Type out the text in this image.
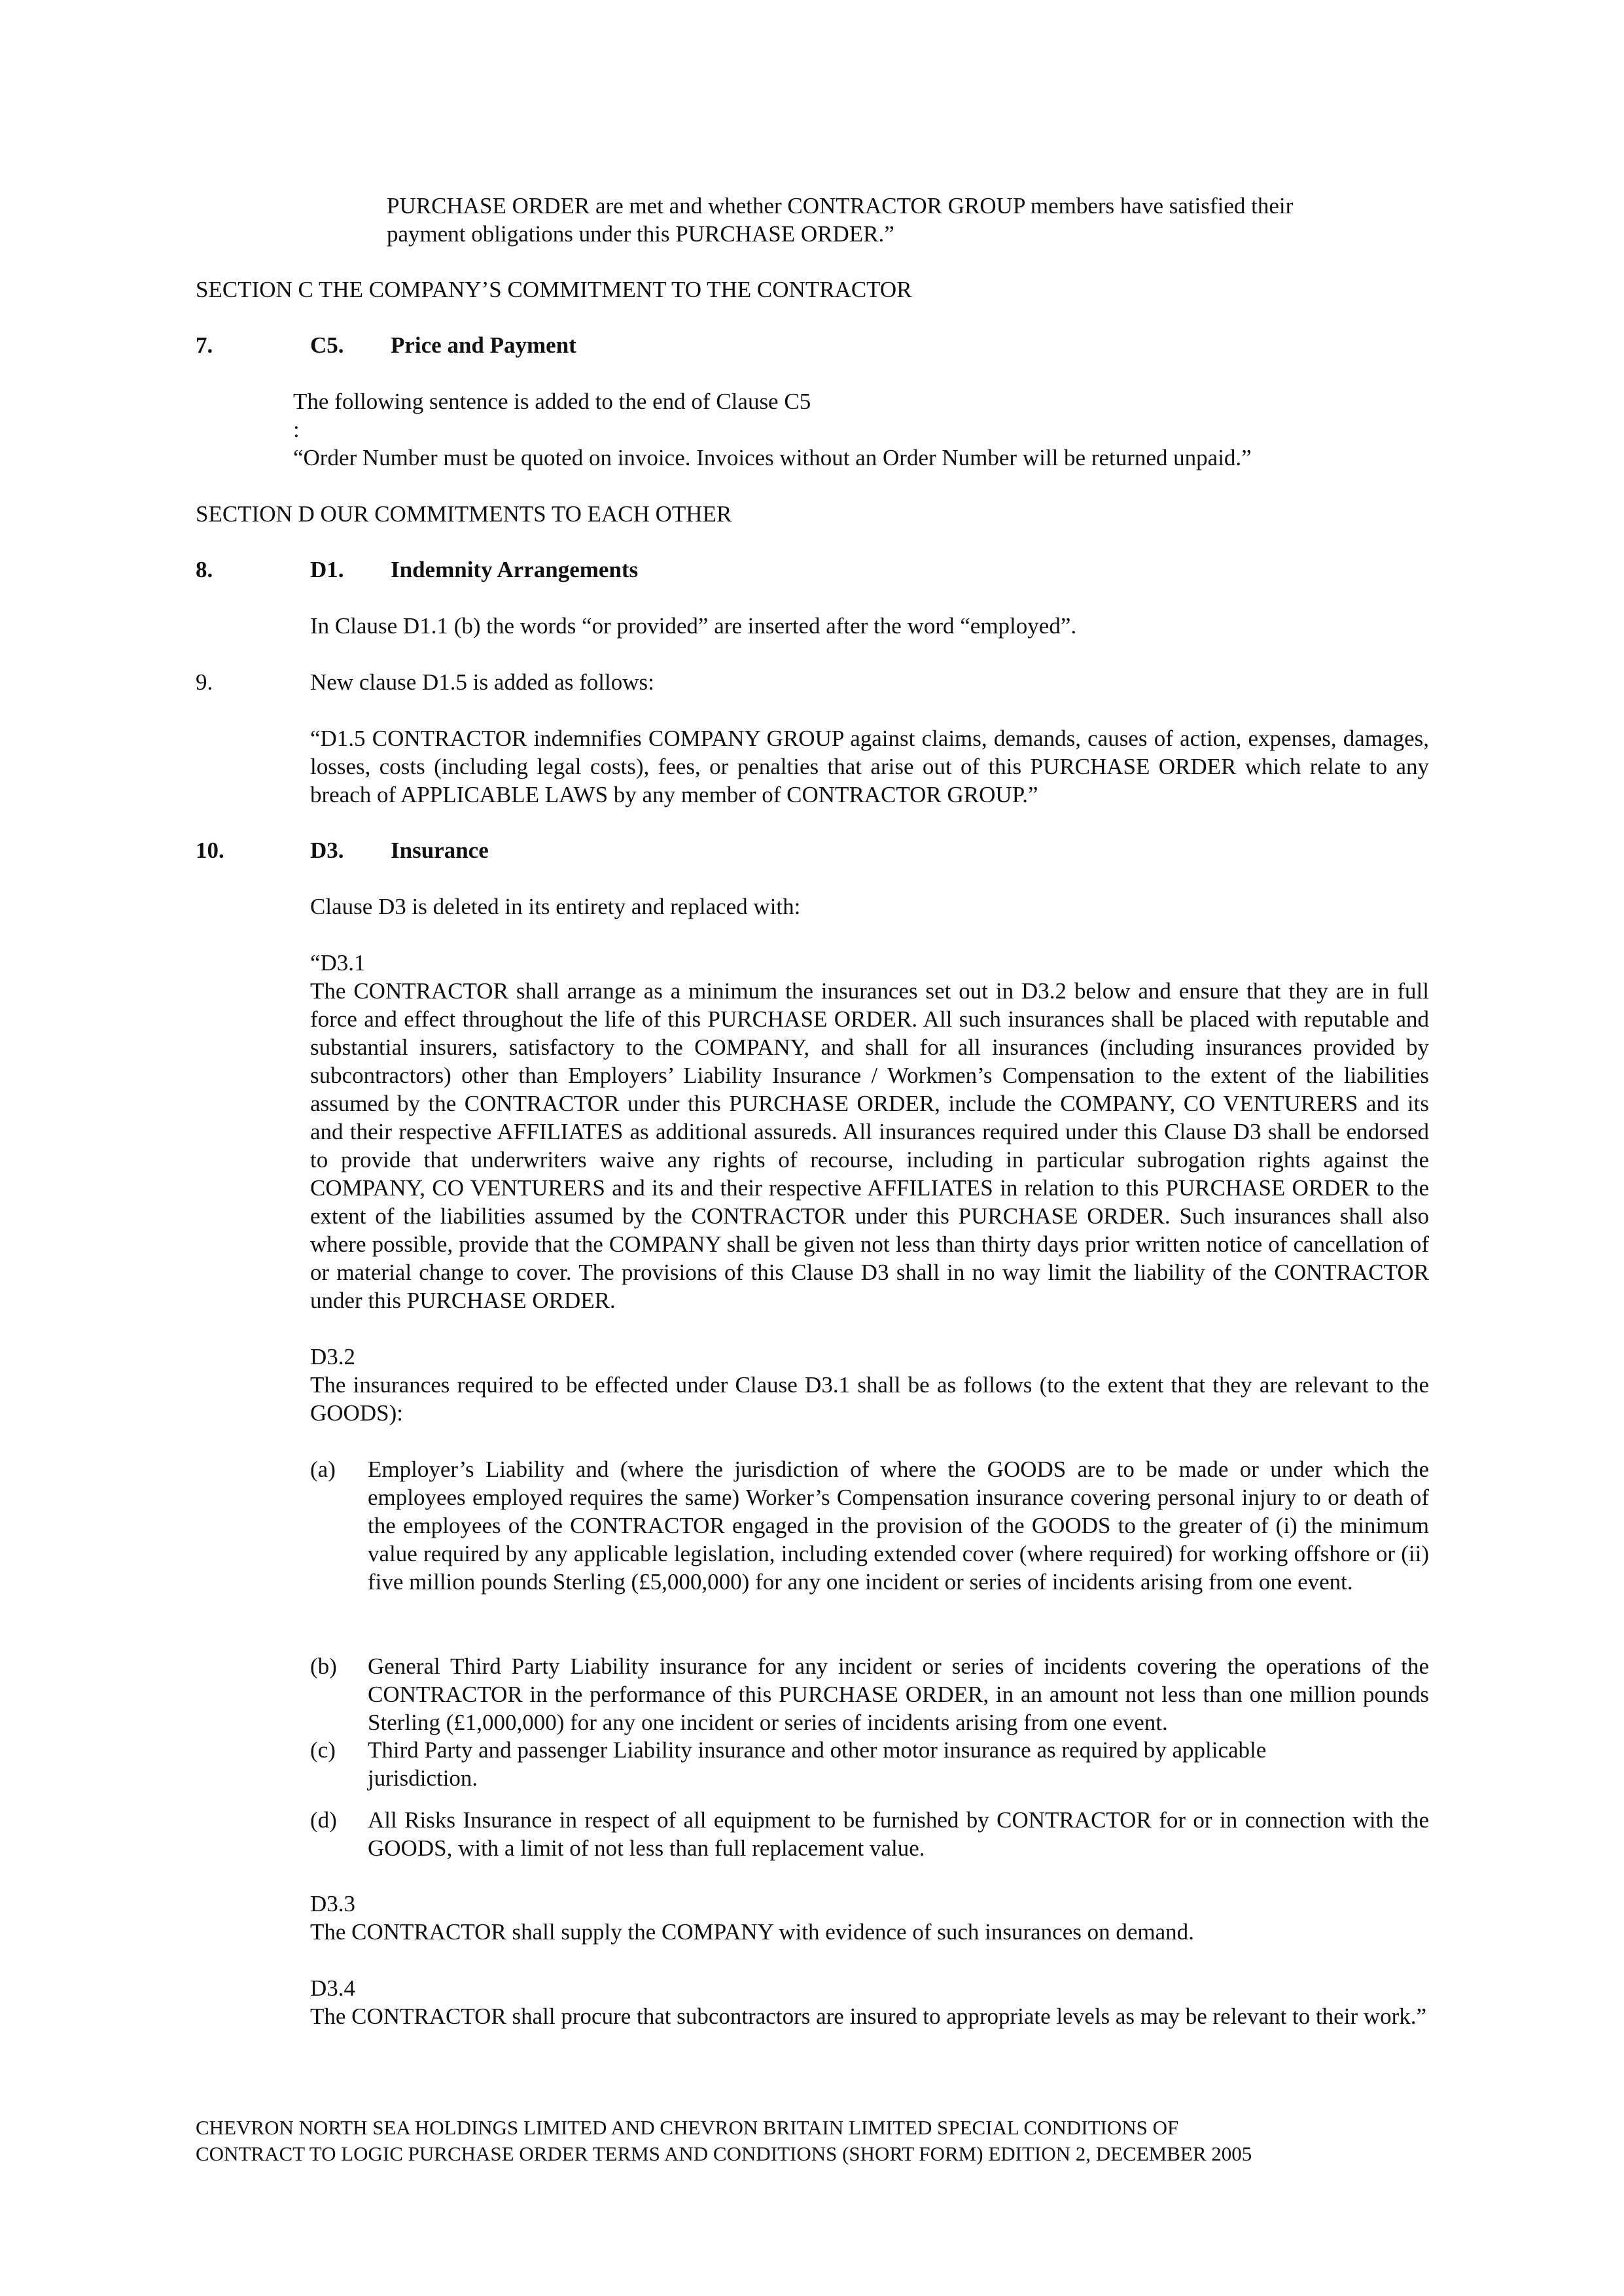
PURCHASE ORDER are met and whether CONTRACTOR GROUP members have satisfied their
payment obligations under this PURCHASE ORDER.”
SECTION C THE COMPANY’S COMMITMENT TO THE CONTRACTOR
7.	C5. Price and Payment
The following sentence is added to the end of Clause C5
:
“Order Number must be quoted on invoice. Invoices without an Order Number will be returned unpaid.”
SECTION D OUR COMMITMENTS TO EACH OTHER
8.	D1. Indemnity Arrangements
In Clause D1.1 (b) the words “or provided” are inserted after the word “employed”.
9.	New clause D1.5 is added as follows:
“D1.5 CONTRACTOR indemnifies COMPANY GROUP against claims, demands, causes of action, expenses, damages, losses, costs (including legal costs), fees, or penalties that arise out of this PURCHASE ORDER which relate to any breach of APPLICABLE LAWS by any member of CONTRACTOR GROUP.”
10.	D3. Insurance
Clause D3 is deleted in its entirety and replaced with:
“D3.1
The CONTRACTOR shall arrange as a minimum the insurances set out in D3.2 below and ensure that they are in full force and effect throughout the life of this PURCHASE ORDER. All such insurances shall be placed with reputable and substantial insurers, satisfactory to the COMPANY, and shall for all insurances (including insurances provided by subcontractors) other than Employers’ Liability Insurance / Workmen’s Compensation to the extent of the liabilities assumed by the CONTRACTOR under this PURCHASE ORDER, include the COMPANY, CO VENTURERS and its and their respective AFFILIATES as additional assureds. All insurances required under this Clause D3 shall be endorsed to provide that underwriters waive any rights of recourse, including in particular subrogation rights against the COMPANY, CO VENTURERS and its and their respective AFFILIATES in relation to this PURCHASE ORDER to the extent of the liabilities assumed by the CONTRACTOR under this PURCHASE ORDER. Such insurances shall also where possible, provide that the COMPANY shall be given not less than thirty days prior written notice of cancellation of or material change to cover. The provisions of this Clause D3 shall in no way limit the liability of the CONTRACTOR under this PURCHASE ORDER.
D3.2
The insurances required to be effected under Clause D3.1 shall be as follows (to the extent that they are relevant to the GOODS):
(a) Employer’s Liability and (where the jurisdiction of where the GOODS are to be made or under which the employees employed requires the same) Worker’s Compensation insurance covering personal injury to or death of the employees of the CONTRACTOR engaged in the provision of the GOODS to the greater of (i) the minimum value required by any applicable legislation, including extended cover (where required) for working offshore or (ii) five million pounds Sterling (£5,000,000) for any one incident or series of incidents arising from one event.
(b) General Third Party Liability insurance for any incident or series of incidents covering the operations of the CONTRACTOR in the performance of this PURCHASE ORDER, in an amount not less than one million pounds Sterling (£1,000,000) for any one incident or series of incidents arising from one event.
(c) Third Party and passenger Liability insurance and other motor insurance as required by applicable jurisdiction.
(d) All Risks Insurance in respect of all equipment to be furnished by CONTRACTOR for or in connection with the GOODS, with a limit of not less than full replacement value.
D3.3
The CONTRACTOR shall supply the COMPANY with evidence of such insurances on demand.
D3.4
The CONTRACTOR shall procure that subcontractors are insured to appropriate levels as may be relevant to their work.”
CHEVRON NORTH SEA HOLDINGS LIMITED AND CHEVRON BRITAIN LIMITED SPECIAL CONDITIONS OF
CONTRACT TO LOGIC PURCHASE ORDER TERMS AND CONDITIONS (SHORT FORM) EDITION 2, DECEMBER 2005
